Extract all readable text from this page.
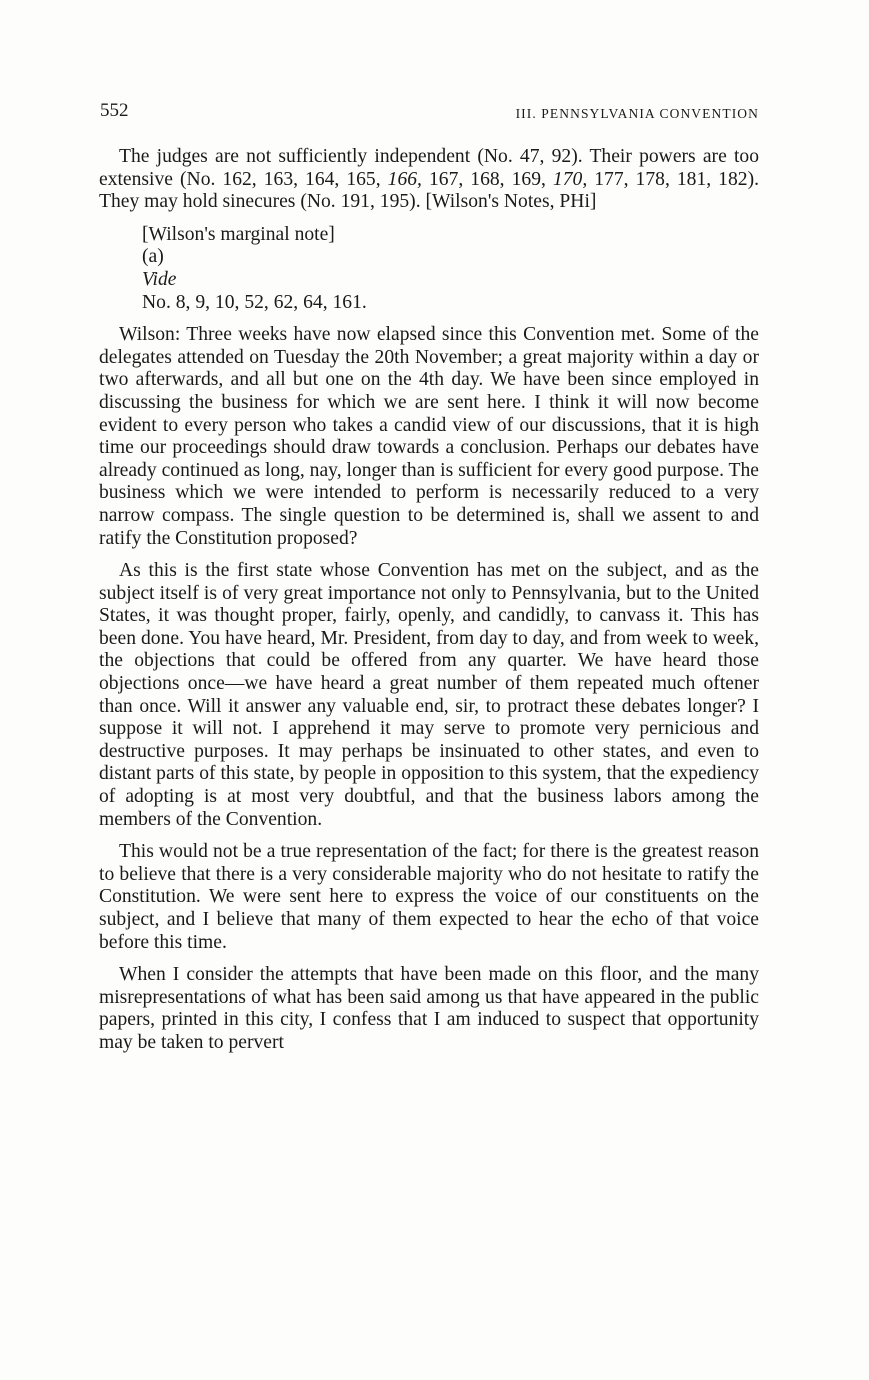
552	III. PENNSYLVANIA CONVENTION

The judges are not sufficiently independent (No. 47, 92). Their powers are too extensive (No. 162, 163, 164, 165, 166, 167, 168, 169, 170, 177, 178, 181, 182). They may hold sinecures (No. 191, 195). [Wilson's Notes, PHi]

[Wilson's marginal note]
(a)
Vide
No. 8, 9, 10, 52, 62, 64, 161.

Wilson: Three weeks have now elapsed since this Convention met. Some of the delegates attended on Tuesday the 20th November; a great majority within a day or two afterwards, and all but one on the 4th day. We have been since employed in discussing the business for which we are sent here. I think it will now become evident to every person who takes a candid view of our discussions, that it is high time our proceedings should draw towards a conclusion. Perhaps our debates have already continued as long, nay, longer than is sufficient for every good purpose. The business which we were intended to perform is necessarily reduced to a very narrow compass. The single question to be determined is, shall we assent to and ratify the Constitution proposed?

As this is the first state whose Convention has met on the subject, and as the subject itself is of very great importance not only to Pennsylvania, but to the United States, it was thought proper, fairly, openly, and candidly, to canvass it. This has been done. You have heard, Mr. President, from day to day, and from week to week, the objections that could be offered from any quarter. We have heard those objections once—we have heard a great number of them repeated much oftener than once. Will it answer any valuable end, sir, to protract these debates longer? I suppose it will not. I apprehend it may serve to promote very pernicious and destructive purposes. It may perhaps be insinuated to other states, and even to distant parts of this state, by people in opposition to this system, that the expediency of adopting is at most very doubtful, and that the business labors among the members of the Convention.

This would not be a true representation of the fact; for there is the greatest reason to believe that there is a very considerable majority who do not hesitate to ratify the Constitution. We were sent here to express the voice of our constituents on the subject, and I believe that many of them expected to hear the echo of that voice before this time.

When I consider the attempts that have been made on this floor, and the many misrepresentations of what has been said among us that have appeared in the public papers, printed in this city, I confess that I am induced to suspect that opportunity may be taken to pervert
